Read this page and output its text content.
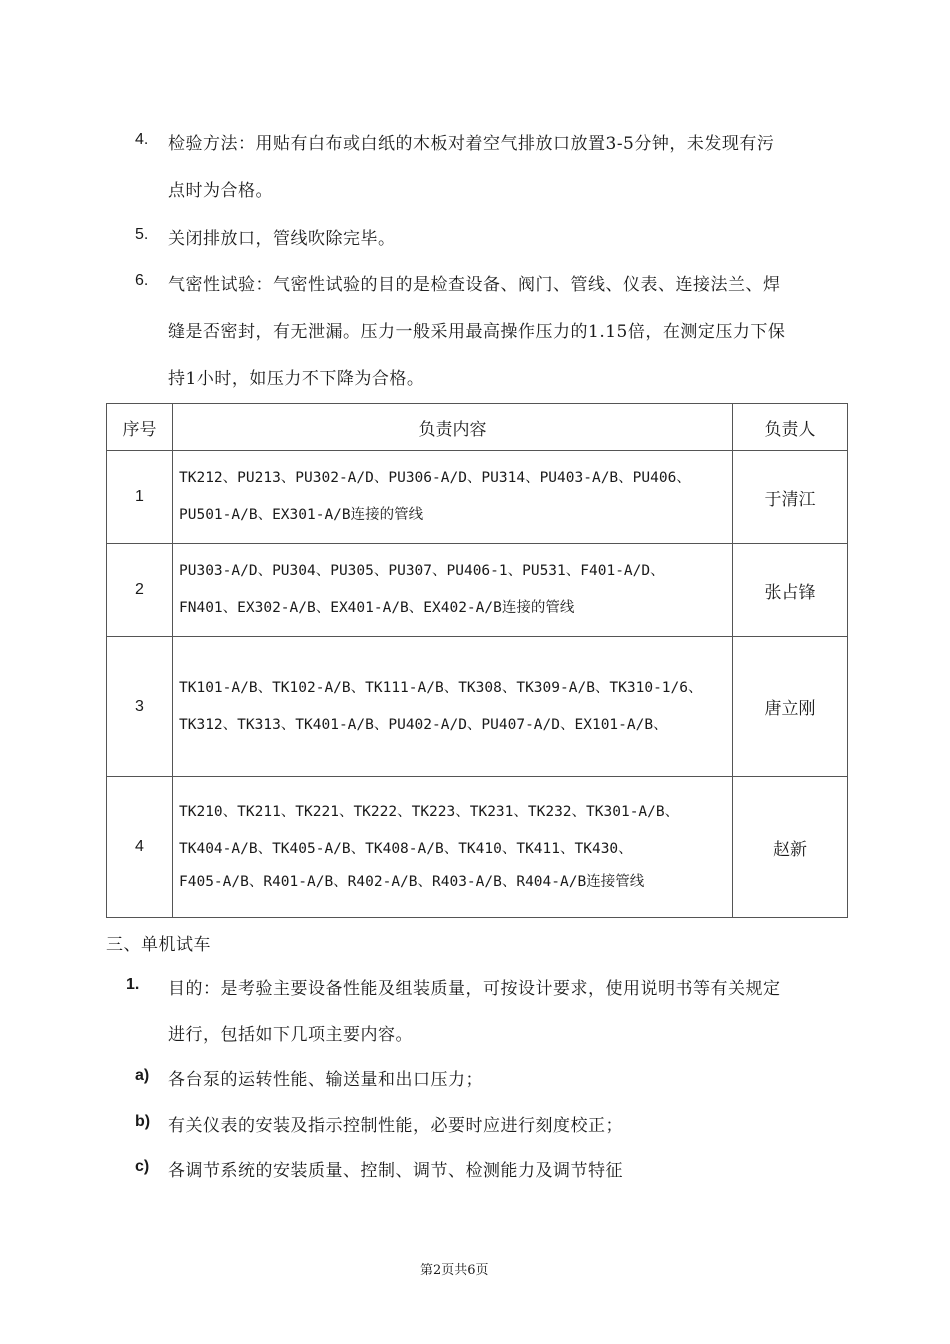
4. 检验方法：用贴有白布或白纸的木板对着空气排放口放置3-5分钟，未发现有污
点时为合格。
5. 关闭排放口，管线吹除完毕。
6. 气密性试验：气密性试验的目的是检查设备、阀门、管线、仪表、连接法兰、焊
缝是否密封，有无泄漏。压力一般采用最高操作压力的1.15倍，在测定压力下保
持1小时，如压力不下降为合格。
序号	负责内容	负责人
1	TK212、PU213、PU302-A/D、PU306-A/D、PU314、PU403-A/B、PU406、
PU501-A/B、EX301-A/B连接的管线	于清江
2	PU303-A/D、PU304、PU305、PU307、PU406-1、PU531、F401-A/D、
FN401、EX302-A/B、EX401-A/B、EX402-A/B连接的管线	张占锋
3	TK101-A/B、TK102-A/B、TK111-A/B、TK308、TK309-A/B、TK310-1/6、
TK312、TK313、TK401-A/B、PU402-A/D、PU407-A/D、EX101-A/B、	唐立刚
4	TK210、TK211、TK221、TK222、TK223、TK231、TK232、TK301-A/B、
TK404-A/B、TK405-A/B、TK408-A/B、TK410、TK411、TK430、
F405-A/B、R401-A/B、R402-A/B、R403-A/B、R404-A/B连接管线	赵新
三、单机试车
1. 目的：是考验主要设备性能及组装质量，可按设计要求，使用说明书等有关规定
进行，包括如下几项主要内容。
a) 各台泵的运转性能、输送量和出口压力；
b) 有关仪表的安装及指示控制性能，必要时应进行刻度校正；
c) 各调节系统的安装质量、控制、调节、检测能力及调节特征
第2页共6页
